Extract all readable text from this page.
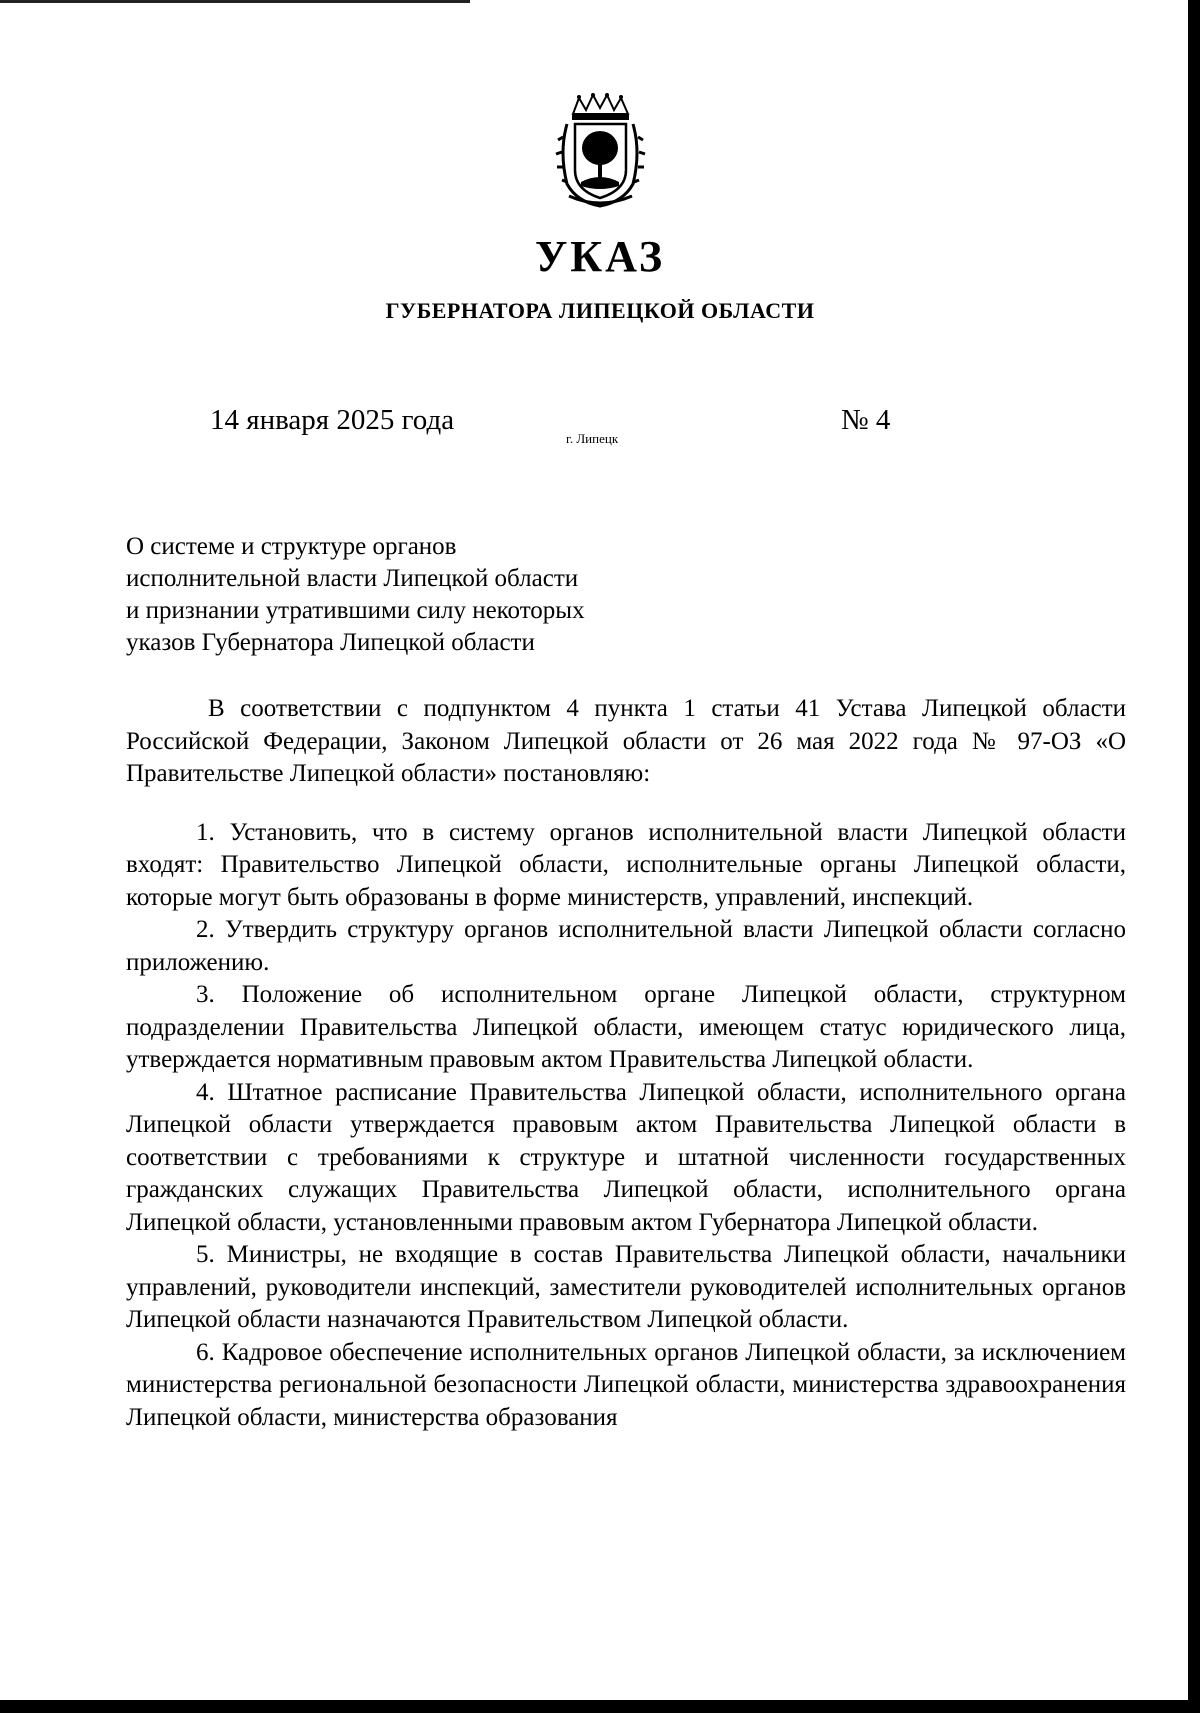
УКАЗ
ГУБЕРНАТОРА ЛИПЕЦКОЙ ОБЛАСТИ
14 января 2025 года
г. Липецк
№ 4
О системе и структуре органов
исполнительной власти Липецкой области
и признании утратившими силу некоторых
указов Губернатора Липецкой области

В соответствии с подпунктом 4 пункта 1 статьи 41 Устава Липецкой области Российской Федерации, Законом Липецкой области от 26 мая 2022 года № 97-ОЗ «О Правительстве Липецкой области» постановляю:

1. Установить, что в систему органов исполнительной власти Липецкой области входят: Правительство Липецкой области, исполнительные органы Липецкой области, которые могут быть образованы в форме министерств, управлений, инспекций.

2. Утвердить структуру органов исполнительной власти Липецкой области согласно приложению.

3. Положение об исполнительном органе Липецкой области, структурном подразделении Правительства Липецкой области, имеющем статус юридического лица, утверждается нормативным правовым актом Правительства Липецкой области.

4. Штатное расписание Правительства Липецкой области, исполнительного органа Липецкой области утверждается правовым актом Правительства Липецкой области в соответствии с требованиями к структуре и штатной численности государственных гражданских служащих Правительства Липецкой области, исполнительного органа Липецкой области, установленными правовым актом Губернатора Липецкой области.

5. Министры, не входящие в состав Правительства Липецкой области, начальники управлений, руководители инспекций, заместители руководителей исполнительных органов Липецкой области назначаются Правительством Липецкой области.

6. Кадровое обеспечение исполнительных органов Липецкой области, за исключением министерства региональной безопасности Липецкой области, министерства здравоохранения Липецкой области, министерства образования
